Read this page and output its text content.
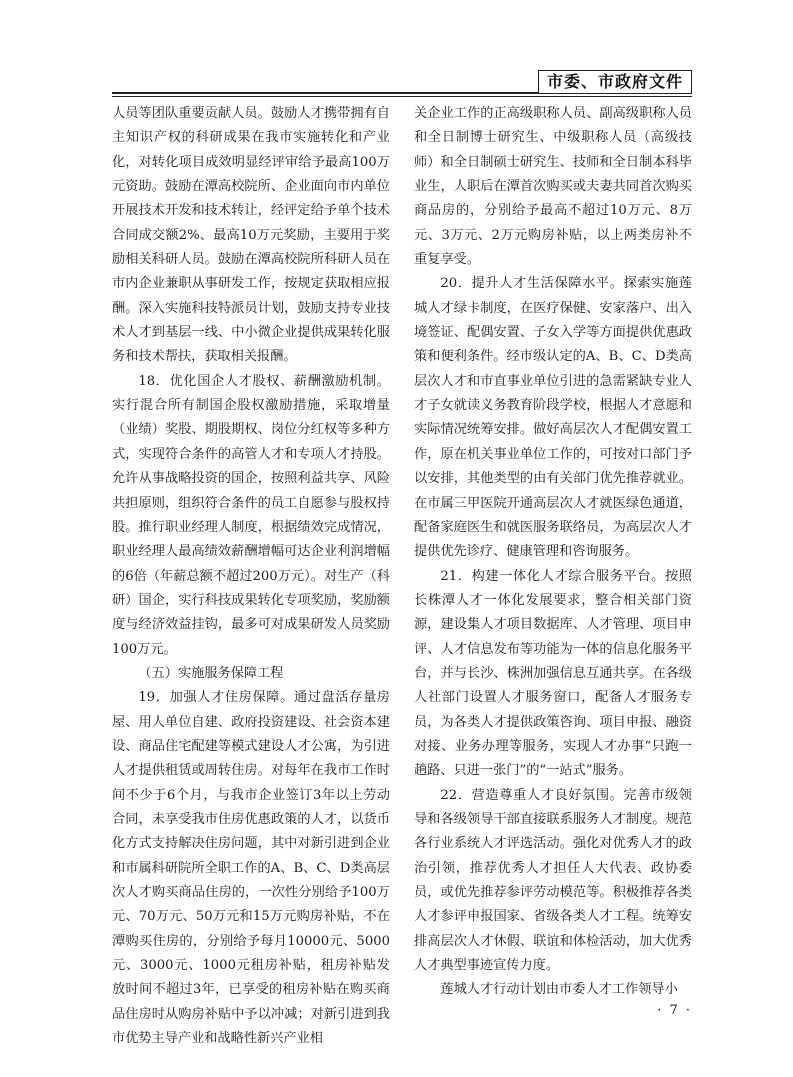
市委、市政府文件

人员等团队重要贡献人员。鼓励人才携带拥有自主知识产权的科研成果在我市实施转化和产业化，对转化项目成效明显经评审给予最高100万元资助。鼓励在潭高校院所、企业面向市内单位开展技术开发和技术转让，经评定给予单个技术合同成交额2%、最高10万元奖励，主要用于奖励相关科研人员。鼓励在潭高校院所科研人员在市内企业兼职从事研发工作，按规定获取相应报酬。深入实施科技特派员计划，鼓励支持专业技术人才到基层一线、中小微企业提供成果转化服务和技术帮扶，获取相关报酬。

18．优化国企人才股权、薪酬激励机制。实行混合所有制国企股权激励措施，采取增量（业绩）奖股、期股期权、岗位分红权等多种方式，实现符合条件的高管人才和专项人才持股。允许从事战略投资的国企，按照利益共享、风险共担原则，组织符合条件的员工自愿参与股权持股。推行职业经理人制度，根据绩效完成情况，职业经理人最高绩效薪酬增幅可达企业利润增幅的6倍（年薪总额不超过200万元）。对生产（科研）国企，实行科技成果转化专项奖励，奖励额度与经济效益挂钩，最多可对成果研发人员奖励100万元。

（五）实施服务保障工程

19．加强人才住房保障。通过盘活存量房屋、用人单位自建、政府投资建设、社会资本建设、商品住宅配建等模式建设人才公寓，为引进人才提供租赁或周转住房。对每年在我市工作时间不少于6个月，与我市企业签订3年以上劳动合同，未享受我市住房优惠政策的人才，以货币化方式支持解决住房问题，其中对新引进到企业和市属科研院所全职工作的A、B、C、D类高层次人才购买商品住房的，一次性分别给予100万元、70万元、50万元和15万元购房补贴，不在潭购买住房的，分别给予每月10000元、5000元、3000元、1000元租房补贴，租房补贴发放时间不超过3年，已享受的租房补贴在购买商品住房时从购房补贴中予以冲减；对新引进到我市优势主导产业和战略性新兴产业相

关企业工作的正高级职称人员、副高级职称人员和全日制博士研究生、中级职称人员（高级技师）和全日制硕士研究生、技师和全日制本科毕业生，人职后在潭首次购买或夫妻共同首次购买商品房的，分别给予最高不超过10万元、8万元、3万元、2万元购房补贴，以上两类房补不重复享受。

20．提升人才生活保障水平。探索实施莲城人才绿卡制度，在医疗保健、安家落户、出入境签证、配偶安置、子女入学等方面提供优惠政策和便利条件。经市级认定的A、B、C、D类高层次人才和市直事业单位引进的急需紧缺专业人才子女就读义务教育阶段学校，根据人才意愿和实际情况统筹安排。做好高层次人才配偶安置工作，原在机关事业单位工作的，可按对口部门予以安排，其他类型的由有关部门优先推荐就业。在市属三甲医院开通高层次人才就医绿色通道，配备家庭医生和就医服务联络员，为高层次人才提供优先诊疗、健康管理和咨询服务。

21．构建一体化人才综合服务平台。按照长株潭人才一体化发展要求，整合相关部门资源，建设集人才项目数据库、人才管理、项目申评、人才信息发布等功能为一体的信息化服务平台，并与长沙、株洲加强信息互通共享。在各级人社部门设置人才服务窗口，配备人才服务专员，为各类人才提供政策咨询、项目申报、融资对接、业务办理等服务，实现人才办事“只跑一趟路、只进一张门”的“一站式”服务。

22．营造尊重人才良好氛围。完善市级领导和各级领导干部直接联系服务人才制度。规范各行业系统人才评选活动。强化对优秀人才的政治引领，推荐优秀人才担任人大代表、政协委员，或优先推荐参评劳动模范等。积极推荐各类人才参评申报国家、省级各类人才工程。统筹安排高层次人才休假、联谊和体检活动，加大优秀人才典型事迹宣传力度。

莲城人才行动计划由市委人才工作领导小

· 7 ·
